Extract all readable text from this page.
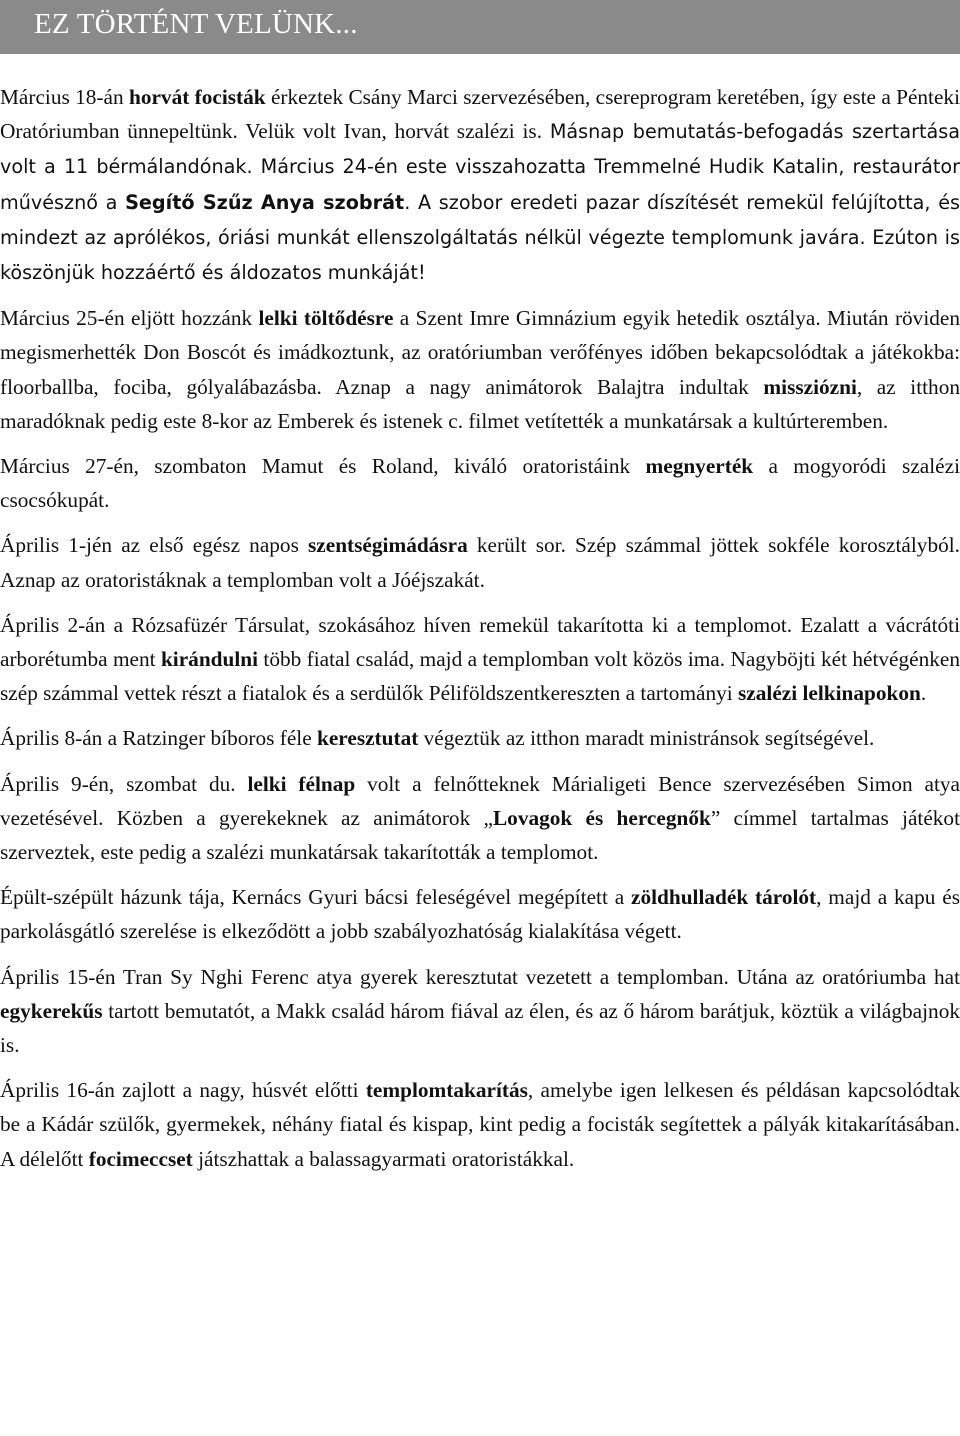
EZ TÖRTÉNT VELÜNK...

Március 18-án horvát focisták érkeztek Csány Marci szervezésében, csereprogram keretében, így este a Pénteki Oratóriumban ünnepeltünk. Velük volt Ivan, horvát szalézi is. Másnap bemutatás-befogadás szertartása volt a 11 bérmálandónak. Március 24-én este visszahozatta Tremmelné Hudik Katalin, restaurátor művésznő a Segítő Szűz Anya szobrát. A szobor eredeti pazar díszítését remekül felújította, és mindezt az aprólékos, óriási munkát ellenszolgáltatás nélkül végezte templomunk javára. Ezúton is köszönjük hozzáértő és áldozatos munkáját!

Március 25-én eljött hozzánk lelki töltődésre a Szent Imre Gimnázium egyik hetedik osztálya. Miután röviden megismerhették Don Boscót és imádkoztunk, az oratóriumban verőfényes időben bekapcsolódtak a játékokba: floorballba, fociba, gólyalábazásba. Aznap a nagy animátorok Balajtra indultak missziózni, az itthon maradóknak pedig este 8-kor az Emberek és istenek c. filmet vetítették a munkatársak a kultúrteremben.

Március 27-én, szombaton Mamut és Roland, kiváló oratoristáink megnyerték a mogyoródi szalézi csocsókupát.

Április 1-jén az első egész napos szentségimádásra került sor. Szép számmal jöttek sokféle korosztályból. Aznap az oratoristáknak a templomban volt a Jóéjszakát.

Április 2-án a Rózsafüzér Társulat, szokásához híven remekül takarította ki a templomot. Ezalatt a vácrátóti arborétumba ment kirándulni több fiatal család, majd a templomban volt közös ima. Nagyböjti két hétvégénken szép számmal vettek részt a fiatalok és a serdülők Péliföldszentkereszten a tartományi szalézi lelkinapokon.

Április 8-án a Ratzinger bíboros féle keresztutat végeztük az itthon maradt ministránsok segítségével.

Április 9-én, szombat du. lelki félnap volt a felnőtteknek Márialigeti Bence szervezésében Simon atya vezetésével. Közben a gyerekeknek az animátorok „Lovagok és hercegnők” címmel tartalmas játékot szerveztek, este pedig a szalézi munkatársak takarították a templomot.

Épült-szépült házunk tája, Kernács Gyuri bácsi feleségével megépített a zöldhulladék tárolót, majd a kapu és parkolásgátló szerelése is elkeződött a jobb szabályozhatóság kialakítása végett.

Április 15-én Tran Sy Nghi Ferenc atya gyerek keresztutat vezetett a templomban. Utána az oratóriumba hat egykerekűs tartott bemutatót, a Makk család három fiával az élen, és az ő három barátjuk, köztük a világbajnok is.

Április 16-án zajlott a nagy, húsvét előtti templomtakarítás, amelybe igen lelkesen és példásan kapcsolódtak be a Kádár szülők, gyermekek, néhány fiatal és kispap, kint pedig a focisták segítettek a pályák kitakarításában. A délelőtt focimeccset játszhattak a balassagyarmati oratoristákkal.
